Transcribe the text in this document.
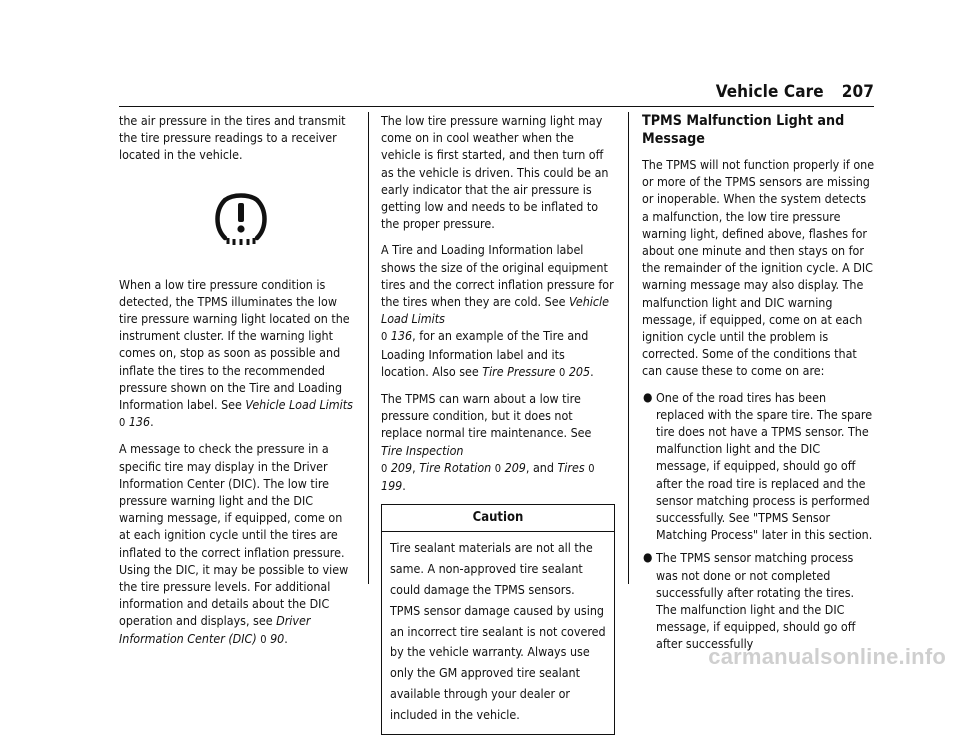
Vehicle Care 207

the air pressure in the tires and transmit the tire pressure readings to a receiver located in the vehicle.

When a low tire pressure condition is detected, the TPMS illuminates the low tire pressure warning light located on the instrument cluster. If the warning light comes on, stop as soon as possible and inflate the tires to the recommended pressure shown on the Tire and Loading Information label. See Vehicle Load Limits
0 136.

A message to check the pressure in a specific tire may display in the Driver Information Center (DIC). The low tire pressure warning light and the DIC warning message, if equipped, come on at each ignition cycle until the tires are inflated to the correct inflation pressure. Using the DIC, it may be possible to view the tire pressure levels. For additional information and details about the DIC operation and displays, see Driver Information Center (DIC) 0 90.

The low tire pressure warning light may come on in cool weather when the vehicle is first started, and then turn off as the vehicle is driven. This could be an early indicator that the air pressure is getting low and needs to be inflated to the proper pressure.

A Tire and Loading Information label shows the size of the original equipment tires and the correct inflation pressure for the tires when they are cold. See Vehicle Load Limits
0 136, for an example of the Tire and Loading Information label and its location. Also see Tire Pressure 0 205.

The TPMS can warn about a low tire pressure condition, but it does not replace normal tire maintenance. See Tire Inspection
0 209, Tire Rotation 0 209, and Tires 0 199.

Caution
Tire sealant materials are not all the same. A non-approved tire sealant could damage the TPMS sensors. TPMS sensor damage caused by using an incorrect tire sealant is not covered by the vehicle warranty. Always use only the GM approved tire sealant available through your dealer or included in the vehicle.
TPMS Malfunction Light and Message

The TPMS will not function properly if one or more of the TPMS sensors are missing or inoperable. When the system detects a malfunction, the low tire pressure warning light, defined above, flashes for about one minute and then stays on for the remainder of the ignition cycle. A DIC warning message may also display. The malfunction light and DIC warning message, if equipped, come on at each ignition cycle until the problem is corrected. Some of the conditions that can cause these to come on are:

● One of the road tires has been replaced with the spare tire. The spare tire does not have a TPMS sensor. The malfunction light and the DIC message, if equipped, should go off after the road tire is replaced and the sensor matching process is performed successfully. See "TPMS Sensor Matching Process" later in this section.
● The TPMS sensor matching process was not done or not completed successfully after rotating the tires. The malfunction light and the DIC message, if equipped, should go off after successfully
carmanualsonline.info
